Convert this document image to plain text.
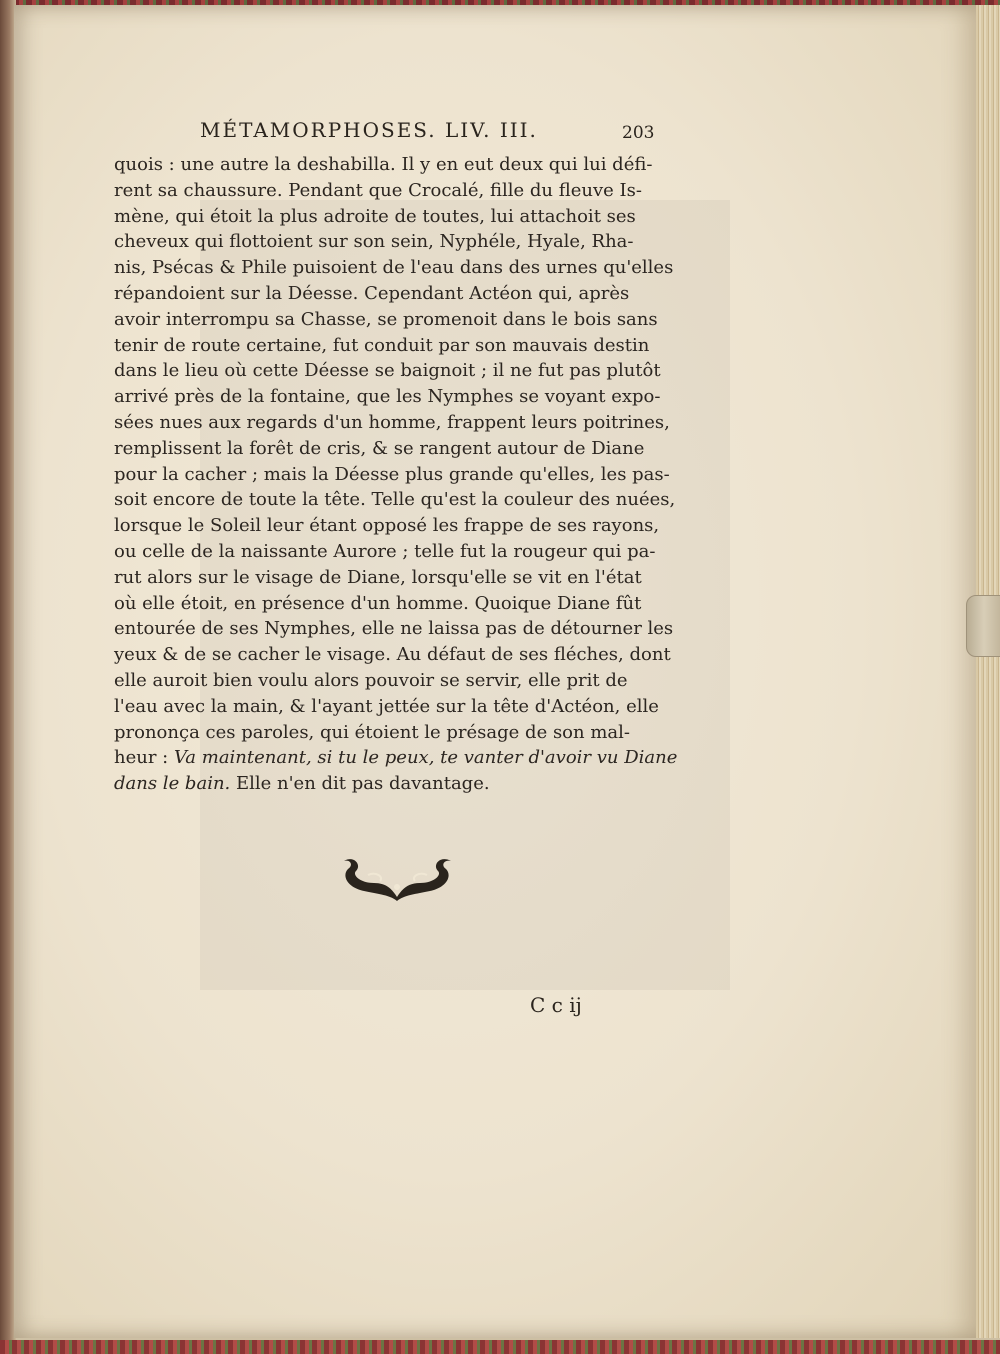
MÉTAMORPHOSES. LIV. III.	203
quois : une autre la deshabilla. Il y en eut deux qui lui défi-
rent sa chaussure. Pendant que Crocalé, fille du fleuve Is-
mène, qui étoit la plus adroite de toutes, lui attachoit ses
cheveux qui flottoient sur son sein, Nyphéle, Hyale, Rha-
nis, Psécas & Phile puisoient de l'eau dans des urnes qu'elles
répandoient sur la Déesse. Cependant Actéon qui, après
avoir interrompu sa Chasse, se promenoit dans le bois sans
tenir de route certaine, fut conduit par son mauvais destin
dans le lieu où cette Déesse se baignoit ; il ne fut pas plutôt
arrivé près de la fontaine, que les Nymphes se voyant expo-
sées nues aux regards d'un homme, frappent leurs poitrines,
remplissent la forêt de cris, & se rangent autour de Diane
pour la cacher ; mais la Déesse plus grande qu'elles, les pas-
soit encore de toute la tête. Telle qu'est la couleur des nuées,
lorsque le Soleil leur étant opposé les frappe de ses rayons,
ou celle de la naissante Aurore ; telle fut la rougeur qui pa-
rut alors sur le visage de Diane, lorsqu'elle se vit en l'état
où elle étoit, en présence d'un homme. Quoique Diane fût
entourée de ses Nymphes, elle ne laissa pas de détourner les
yeux & de se cacher le visage. Au défaut de ses fléches, dont
elle auroit bien voulu alors pouvoir se servir, elle prit de
l'eau avec la main, & l'ayant jettée sur la tête d'Actéon, elle
prononça ces paroles, qui étoient le présage de son mal-
heur : Va maintenant, si tu le peux, te vanter d'avoir vu Diane
dans le bain. Elle n'en dit pas davantage.
C c ij
